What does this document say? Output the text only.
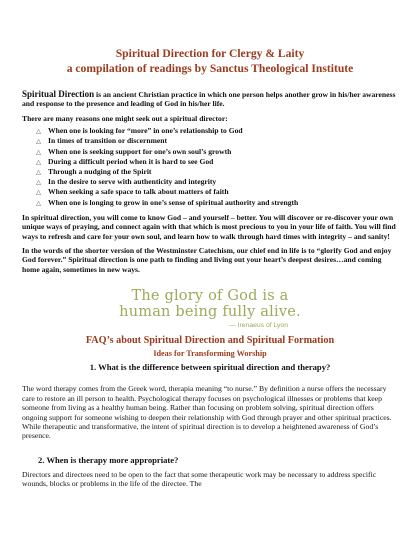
Spiritual Direction for Clergy & Laity
a compilation of readings by Sanctus Theological Institute

Spiritual Direction is an ancient Christian practice in which one person helps another grow in his/her awareness and response to the presence and leading of God in his/her life.

There are many reasons one might seek out a spiritual director:

△ When one is looking for “more” in one’s relationship to God
△ In times of transition or discernment
△ When one is seeking support for one’s own soul’s growth
△ During a difficult period when it is hard to see God
△ Through a nudging of the Spirit
△ In the desire to serve with authenticity and integrity
△ When seeking a safe space to talk about matters of faith
△ When one is longing to grow in one’s sense of spiritual authority and strength

In spiritual direction, you will come to know God – and yourself – better. You will discover or re-discover your own unique ways of praying, and connect again with that which is most precious to you in your life of faith. You will find ways to refresh and care for your own soul, and learn how to walk through hard times with integrity – and sanity!

In the words of the shorter version of the Westminster Catechism, our chief end in life is to “glorify God and enjoy God forever.” Spiritual direction is one path to finding and living out your heart’s deepest desires…and coming home again, sometimes in new ways.

The glory of God is a
human being fully alive.
— Irenaeus of Lyon
FAQ’s about Spiritual Direction and Spiritual Formation
Ideas for Transforming Worship
1. What is the difference between spiritual direction and therapy?

The word therapy comes from the Greek word, therapia meaning “to nurse.” By definition a nurse offers the necessary care to restore an ill person to health. Psychological therapy focuses on psychological illnesses or problems that keep someone from living as a healthy human being. Rather than focusing on problem solving, spiritual direction offers ongoing support for someone wishing to deepen their relationship with God through prayer and other spiritual practices. While therapeutic and transformative, the intent of spiritual direction is to develop a heightened awareness of God’s presence.

2. When is therapy more appropriate?

Directors and directees need to be open to the fact that some therapeutic work may be necessary to address specific wounds, blocks or problems in the life of the directee. The
